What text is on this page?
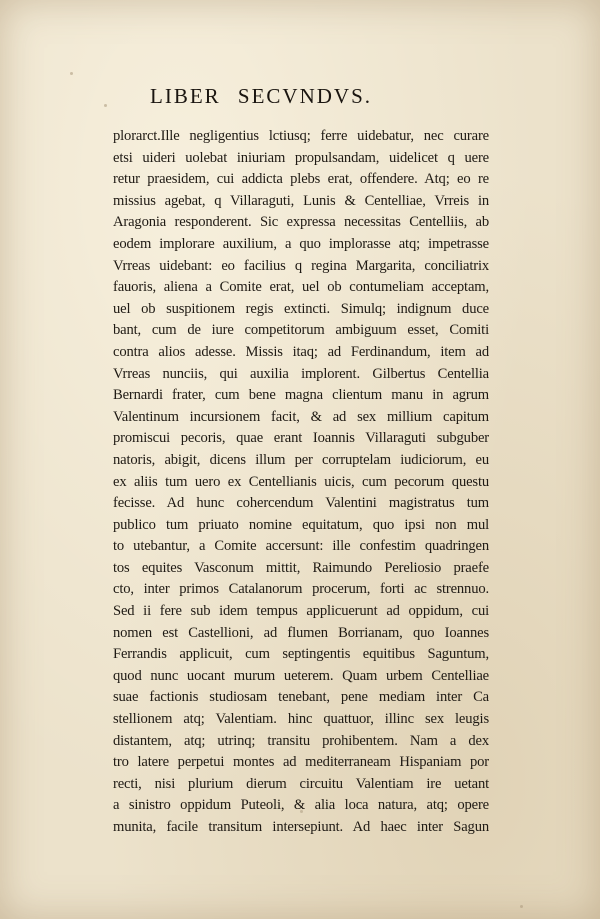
LIBER SECVNDVS.
plorarct.Ille negligentius lctiusq; ferre uidebatur, nec curare
etsi uideri uolebat iniuriam propulsandam, uidelicet q uere
retur praesidem, cui addicta plebs erat, offendere. Atq; eo re
missius agebat, q Villaraguti, Lunis & Centelliae, Vrreis in
Aragonia responderent. Sic expressa necessitas Centelliis, ab
eodem implorare auxilium, a quo implorasse atq; impetrasse
Vrreas uidebant: eo facilius q regina Margarita, conciliatrix
fauoris, aliena a Comite erat, uel ob contumeliam acceptam,
uel ob suspitionem regis extincti. Simulq; indignum duce
bant, cum de iure competitorum ambiguum esset, Comiti
contra alios adesse. Missis itaq; ad Ferdinandum, item ad
Vrreas nunciis, qui auxilia implorent. Gilbertus Centellia
Bernardi frater, cum bene magna clientum manu in agrum
Valentinum incursionem facit, & ad sex millium capitum
promiscui pecoris, quae erant Ioannis Villaraguti subguber
natoris, abigit, dicens illum per corruptelam iudiciorum, eu
ex aliis tum uero ex Centellianis uicis, cum pecorum questu
fecisse. Ad hunc cohercendum Valentini magistratus tum
publico tum priuato nomine equitatum, quo ipsi non mul
to utebantur, a Comite accersunt: ille confestim quadringen
tos equites Vasconum mittit, Raimundo Pereliosio praefe
cto, inter primos Catalanorum procerum, forti ac strennuo.
Sed ii fere sub idem tempus applicuerunt ad oppidum, cui
nomen est Castellioni, ad flumen Borrianam, quo Ioannes
Ferrandis applicuit, cum septingentis equitibus Saguntum,
quod nunc uocant murum ueterem. Quam urbem Centelliae
suae factionis studiosam tenebant, pene mediam inter Ca
stellionem atq; Valentiam. hinc quattuor, illinc sex leugis
distantem, atq; utrinq; transitu prohibentem. Nam a dex
tro latere perpetui montes ad mediterraneam Hispaniam por
recti, nisi plurium dierum circuitu Valentiam ire uetant
a sinistro oppidum Puteoli, & alia loca natura, atq; opere
munita, facile transitum intersepiunt. Ad haec inter Sagun
